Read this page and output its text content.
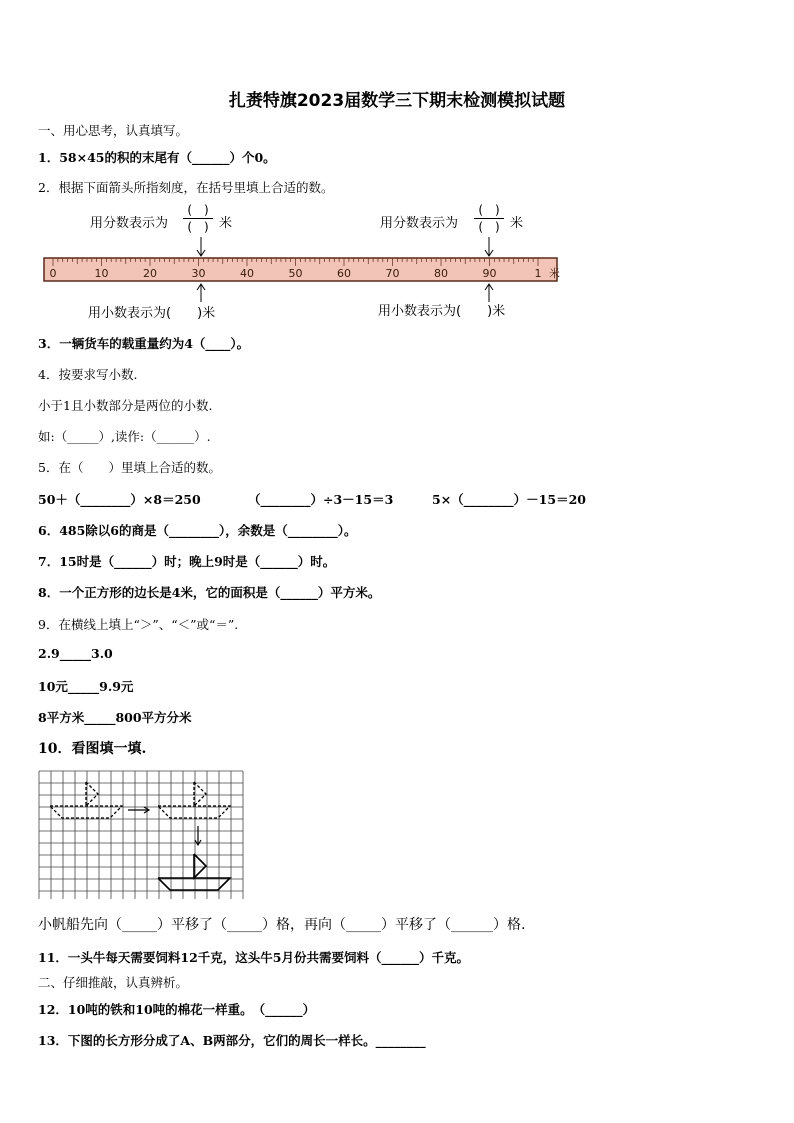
扎赉特旗2023届数学三下期末检测模拟试题
一、用心思考，认真填写。
1．58×45的积的末尾有（______）个0。
2．根据下面箭头所指刻度，在括号里填上合适的数。
用分数表示为
(　)
(　) 米	用分数表示为
(　)
(　) 米
0	10	20	30	40	50	60	70	80	90	1 米
用小数表示为(　　)米	用小数表示为(　　)米
3．一辆货车的载重量约为4（____）。
4．按要求写小数.
小于1且小数部分是两位的小数.
如:（_____）,读作:（______）.
5．在（　　）里填上合适的数。
50＋（________）×8＝250	（________）÷3－15＝3	5×（________）－15＝20
6．485除以6的商是（________），余数是（________）。
7．15时是（______）时；晚上9时是（______）时。
8．一个正方形的边长是4米，它的面积是（______）平方米。
9．在横线上填上“＞”、“＜”或“＝”.
2.9_____3.0
10元_____9.9元
8平方米_____800平方分米
10．看图填一填.
小帆船先向（_____）平移了（_____）格，再向（_____）平移了（______）格.
11．一头牛每天需要饲料12千克，这头牛5月份共需要饲料（______）千克。
二、仔细推敲，认真辨析。
12．10吨的铁和10吨的棉花一样重。　（______）
13．下图的长方形分成了A、B两部分，它们的周长一样长。________
